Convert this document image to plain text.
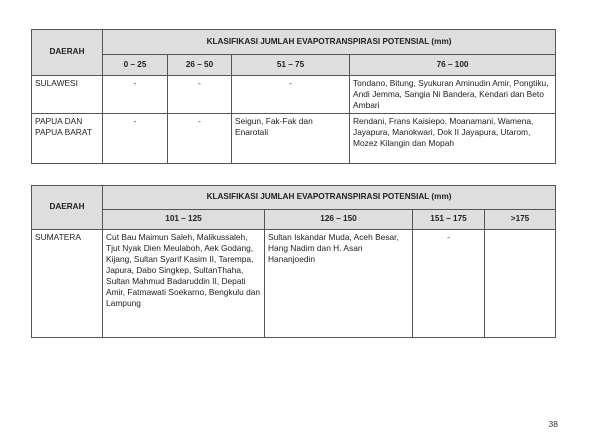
DAERAH	KLASIFIKASI JUMLAH EVAPOTRANSPIRASI POTENSIAL (mm)			
	0 – 25	26 – 50	51 – 75	76 – 100
SULAWESI	-	-	-	Tondano, Bitung, Syukuran Aminudin Amir, Pongtiku, Andi Jemma, Sangia Ni Bandera, Kendari dan Beto Ambari
PAPUA DAN PAPUA BARAT	-	-	Seigun, Fak-Fak dan Enarotali	Rendani, Frans Kaisiepo, Moanamani, Wamena, Jayapura, Manokwari, Dok II Jayapura, Utarom, Mozez Kilangin dan Mopah
DAERAH	KLASIFIKASI JUMLAH EVAPOTRANSPIRASI POTENSIAL (mm)			
	101 – 125	126 – 150	151 – 175	>175
SUMATERA	Cut Bau Maimun Saleh, Malikussaleh, Tjut Nyak Dien Meulaboh, Aek Godang, Kijang, Sultan Syarif Kasim II, Tarempa, Japura, Dabo Singkep, SultanThaha, Sultan Mahmud Badaruddin II, Depati Amir, Fatmawati Soekarno, Bengkulu dan Lampung	Sultan Iskandar Muda, Aceh Besar, Hang Nadim dan H. Asan Hananjoedin	-	
38
